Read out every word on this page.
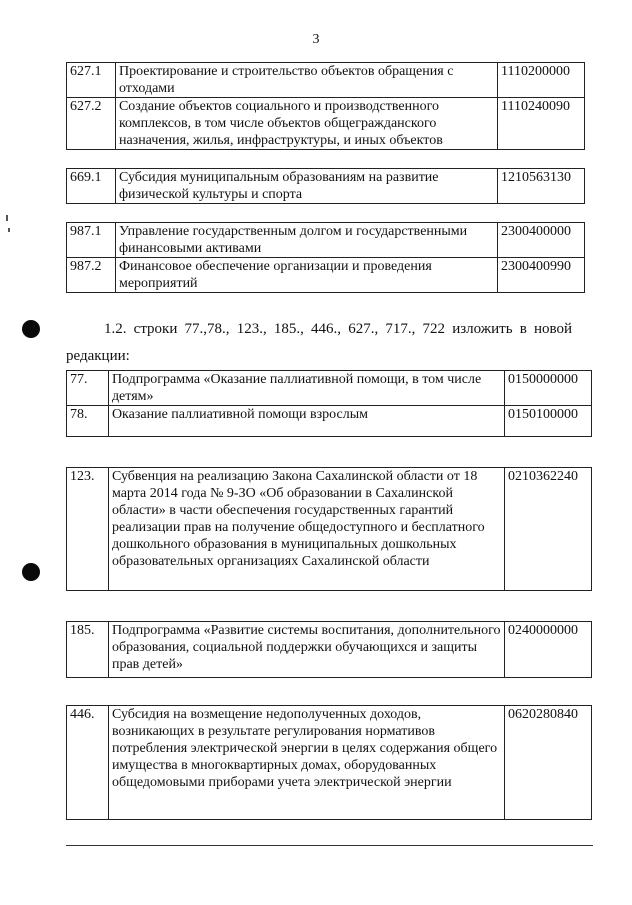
3
627.1	Проектирование и строительство объектов обращения с отходами	1110200000
627.2	Создание объектов социального и производственного комплексов, в том числе объектов общегражданского назначения, жилья, инфраструктуры, и иных объектов	1110240090
669.1	Субсидия муниципальным образованиям на развитие физической культуры и спорта	1210563130
987.1	Управление государственным долгом и государственными финансовыми активами	2300400000
987.2	Финансовое обеспечение организации и проведения мероприятий	2300400990
1.2. строки 77.,78., 123., 185., 446., 627., 717., 722 изложить в новой
редакции:
77.	Подпрограмма «Оказание паллиативной помощи, в том числе детям»	0150000000
78.	Оказание паллиативной помощи взрослым	0150100000
123.	Субвенция на реализацию Закона Сахалинской области от 18 марта 2014 года № 9-ЗО «Об образовании в Сахалинской области» в части обеспечения государственных гарантий реализации прав на получение общедоступного и бесплатного дошкольного образования в муниципальных дошкольных образовательных организациях Сахалинской области	0210362240
185.	Подпрограмма «Развитие системы воспитания, дополнительного образования, социальной поддержки обучающихся и защиты прав детей»	0240000000
446.	Субсидия на возмещение недополученных доходов, возникающих в результате регулирования нормативов потребления электрической энергии в целях содержания общего имущества в многоквартирных домах, оборудованных общедомовыми приборами учета электрической энергии	0620280840
